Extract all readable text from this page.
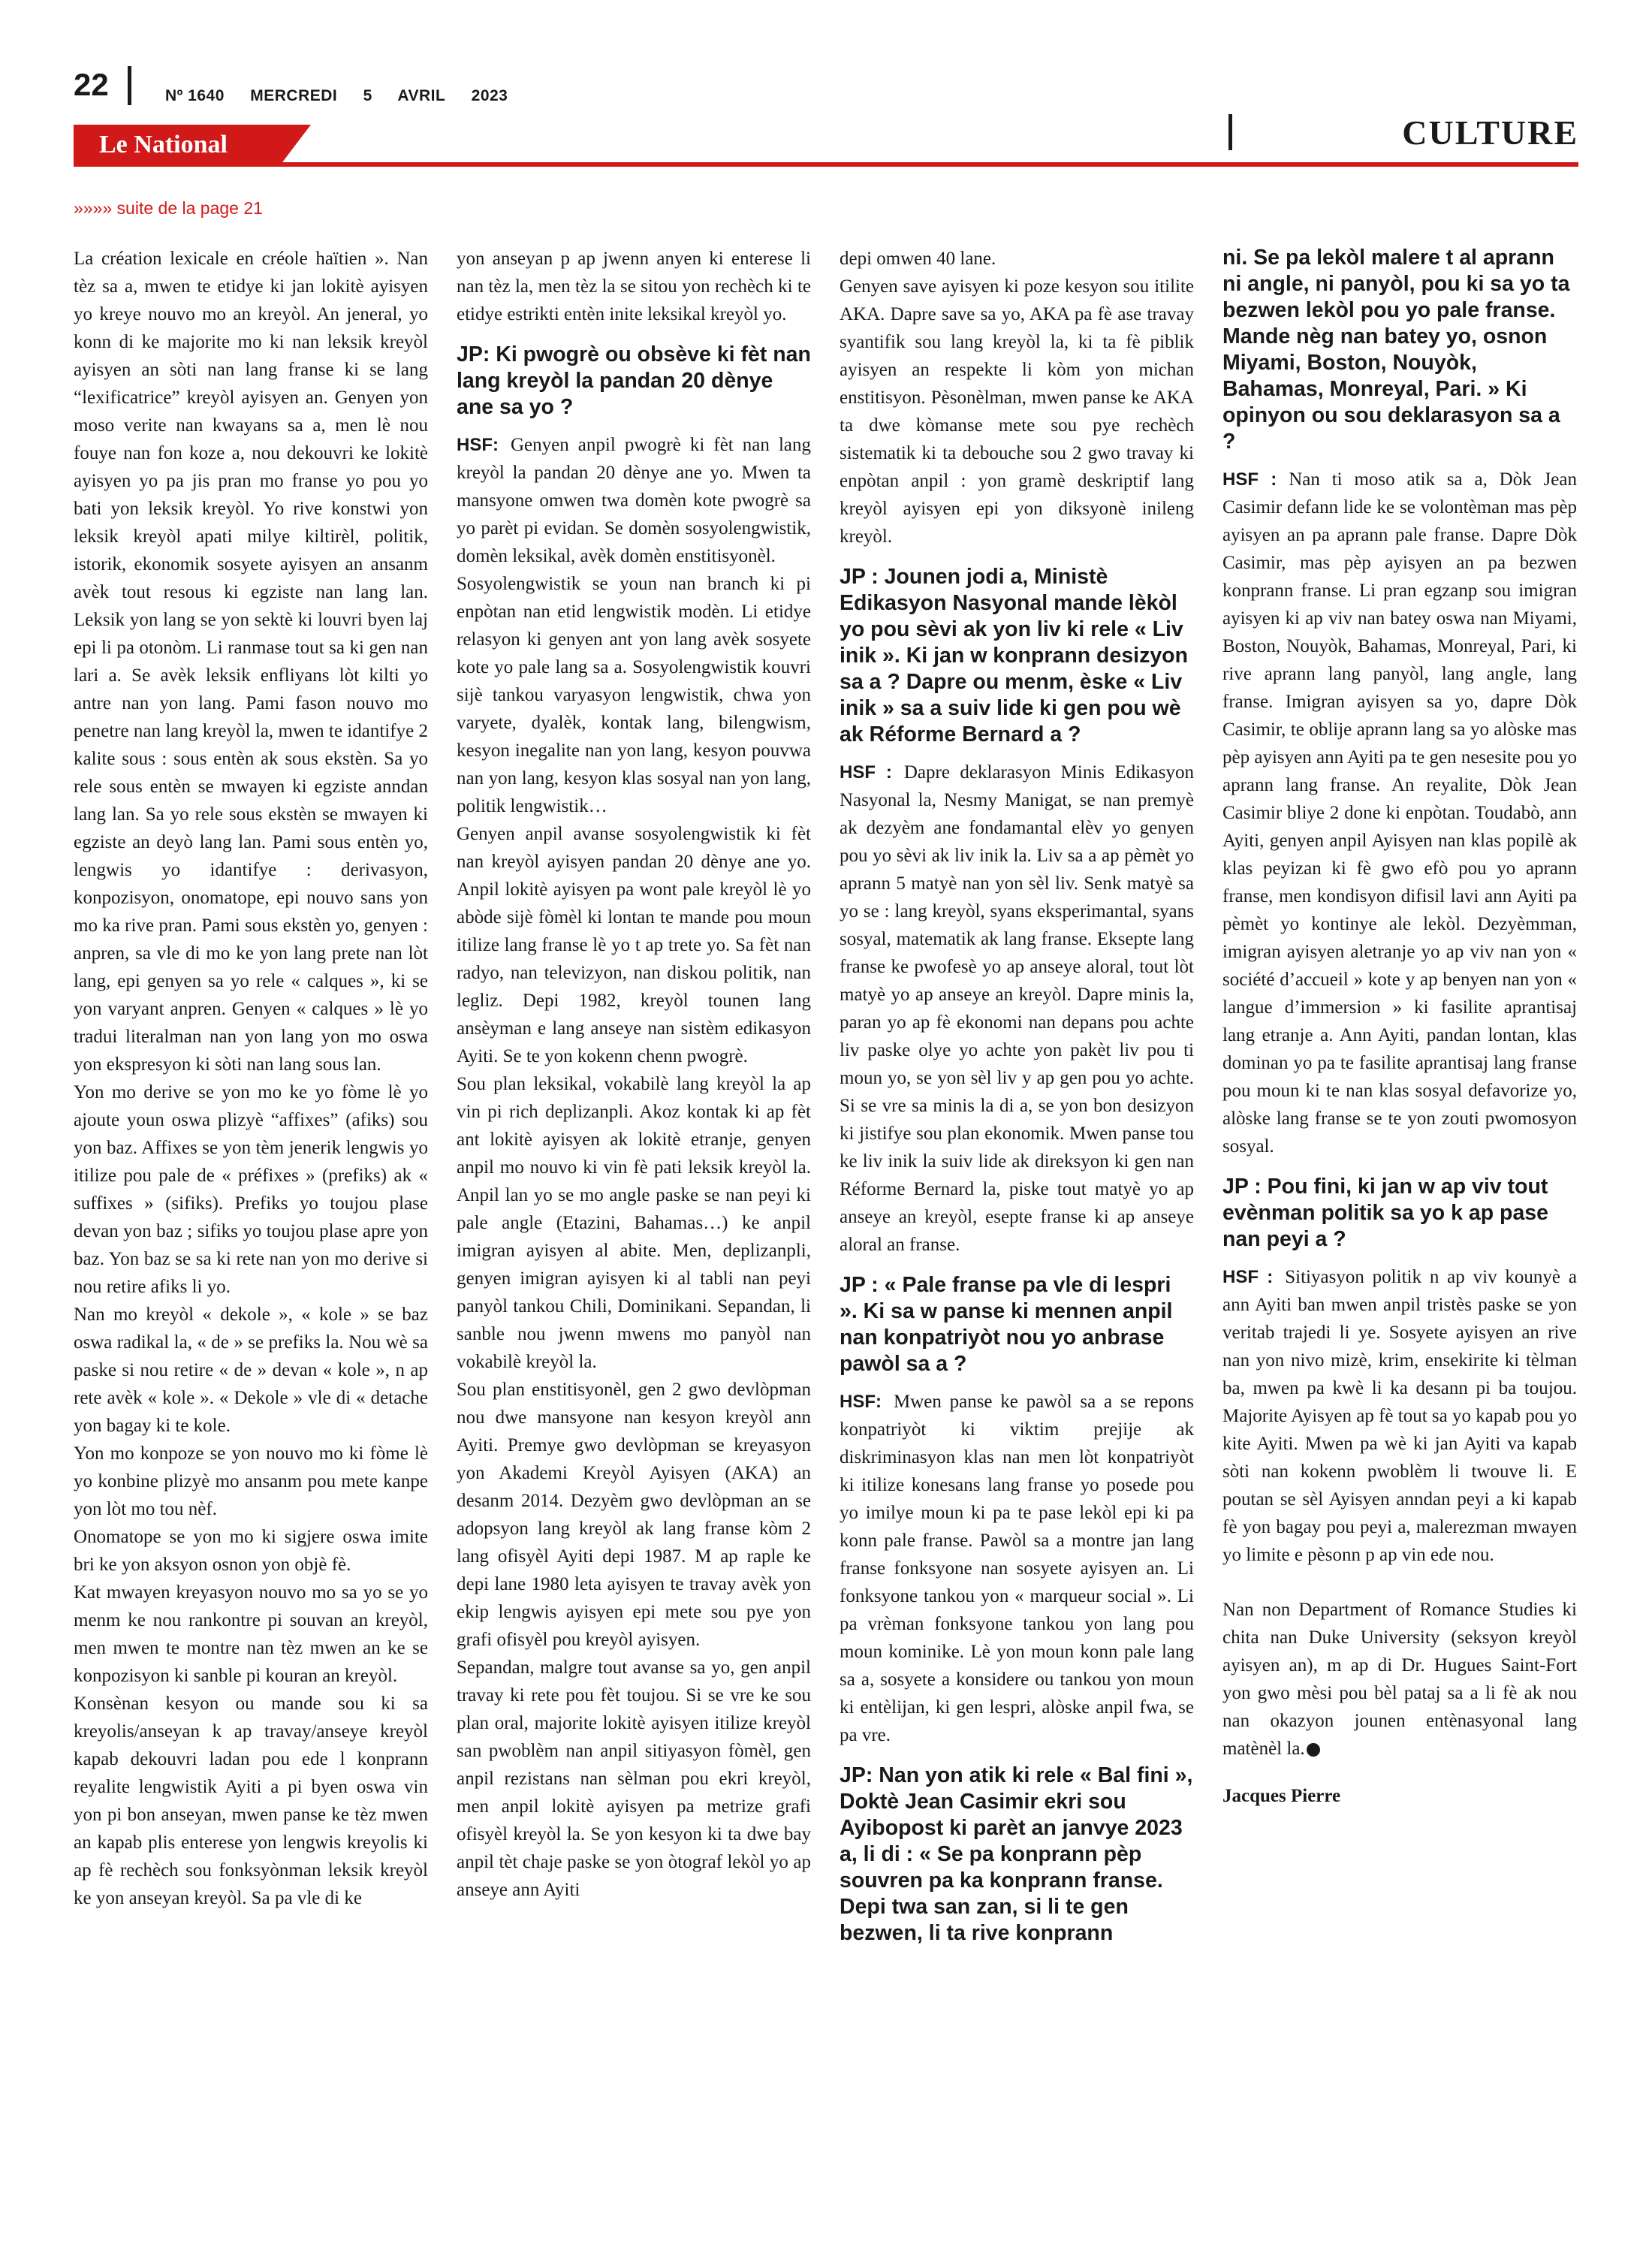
22	Nº 1640 MERCREDI 5 AVRIL 2023
Le National	CULTURE
»»»» suite de la page 21

La création lexicale en créole haïtien ». Nan tèz sa a, mwen te etidye ki jan lokitè ayisyen yo kreye nouvo mo an kreyòl. An jeneral, yo konn di ke majorite mo ki nan leksik kreyòl ayisyen an sòti nan lang franse ki se lang “lexificatrice” kreyòl ayisyen an. Genyen yon moso verite nan kwayans sa a, men lè nou fouye nan fon koze a, nou dekouvri ke lokitè ayisyen yo pa jis pran mo franse yo pou yo bati yon leksik kreyòl. Yo rive konstwi yon leksik kreyòl apati milye kiltirèl, politik, istorik, ekonomik sosyete ayisyen an ansanm avèk tout resous ki egziste nan lang lan. Leksik yon lang se yon sektè ki louvri byen laj epi li pa otonòm. Li ranmase tout sa ki gen nan lari a. Se avèk leksik enfliyans lòt kilti yo antre nan yon lang. Pami fason nouvo mo penetre nan lang kreyòl la, mwen te idantifye 2 kalite sous : sous entèn ak sous ekstèn. Sa yo rele sous entèn se mwayen ki egziste anndan lang lan. Sa yo rele sous ekstèn se mwayen ki egziste an deyò lang lan. Pami sous entèn yo, lengwis yo idantifye : derivasyon, konpozisyon, onomatope, epi nouvo sans yon mo ka rive pran. Pami sous ekstèn yo, genyen : anpren, sa vle di mo ke yon lang prete nan lòt lang, epi genyen sa yo rele « calques », ki se yon varyant anpren. Genyen « calques » lè yo tradui literalman nan yon lang yon mo oswa yon ekspresyon ki sòti nan lang sous lan.

Yon mo derive se yon mo ke yo fòme lè yo ajoute youn oswa plizyè “affixes” (afiks) sou yon baz. Affixes se yon tèm jenerik lengwis yo itilize pou pale de « préfixes » (prefiks) ak « suffixes » (sifiks). Prefiks yo toujou plase devan yon baz ; sifiks yo toujou plase apre yon baz. Yon baz se sa ki rete nan yon mo derive si nou retire afiks li yo.

Nan mo kreyòl « dekole », « kole » se baz oswa radikal la, « de » se prefiks la. Nou wè sa paske si nou retire « de » devan « kole », n ap rete avèk « kole ». « Dekole » vle di « detache yon bagay ki te kole.

Yon mo konpoze se yon nouvo mo ki fòme lè yo konbine plizyè mo ansanm pou mete kanpe yon lòt mo tou nèf.

Onomatope se yon mo ki sigjere oswa imite bri ke yon aksyon osnon yon objè fè.

Kat mwayen kreyasyon nouvo mo sa yo se yo menm ke nou rankontre pi souvan an kreyòl, men mwen te montre nan tèz mwen an ke se konpozisyon ki sanble pi kouran an kreyòl.

Konsènan kesyon ou mande sou ki sa kreyolis/anseyan k ap travay/anseye kreyòl kapab dekouvri ladan pou ede l konprann reyalite lengwistik Ayiti a pi byen oswa vin yon pi bon anseyan, mwen panse ke tèz mwen an kapab plis enterese yon lengwis kreyolis ki ap fè rechèch sou fonksyònman leksik kreyòl ke yon anseyan kreyòl. Sa pa vle di ke

yon anseyan p ap jwenn anyen ki enterese li nan tèz la, men tèz la se sitou yon rechèch ki te etidye estrikti entèn inite leksikal kreyòl yo.

JP: Ki pwogrè ou obsève ki fèt nan lang kreyòl la pandan 20 dènye ane sa yo ?

HSF: Genyen anpil pwogrè ki fèt nan lang kreyòl la pandan 20 dènye ane yo. Mwen ta mansyone omwen twa domèn kote pwogrè sa yo parèt pi evidan. Se domèn sosyolengwistik, domèn leksikal, avèk domèn enstitisyonèl.

Sosyolengwistik se youn nan branch ki pi enpòtan nan etid lengwistik modèn. Li etidye relasyon ki genyen ant yon lang avèk sosyete kote yo pale lang sa a. Sosyolengwistik kouvri sijè tankou varyasyon lengwistik, chwa yon varyete, dyalèk, kontak lang, bilengwism, kesyon inegalite nan yon lang, kesyon pouvwa nan yon lang, kesyon klas sosyal nan yon lang, politik lengwistik…

Genyen anpil avanse sosyolengwistik ki fèt nan kreyòl ayisyen pandan 20 dènye ane yo. Anpil lokitè ayisyen pa wont pale kreyòl lè yo abòde sijè fòmèl ki lontan te mande pou moun itilize lang franse lè yo t ap trete yo. Sa fèt nan radyo, nan televizyon, nan diskou politik, nan legliz. Depi 1982, kreyòl tounen lang ansèyman e lang anseye nan sistèm edikasyon Ayiti. Se te yon kokenn chenn pwogrè.

Sou plan leksikal, vokabilè lang kreyòl la ap vin pi rich deplizanpli. Akoz kontak ki ap fèt ant lokitè ayisyen ak lokitè etranje, genyen anpil mo nouvo ki vin fè pati leksik kreyòl la. Anpil lan yo se mo angle paske se nan peyi ki pale angle (Etazini, Bahamas…) ke anpil imigran ayisyen al abite. Men, deplizanpli, genyen imigran ayisyen ki al tabli nan peyi panyòl tankou Chili, Dominikani. Sepandan, li sanble nou jwenn mwens mo panyòl nan vokabilè kreyòl la.

Sou plan enstitisyonèl, gen 2 gwo devlòpman nou dwe mansyone nan kesyon kreyòl ann Ayiti. Premye gwo devlòpman se kreyasyon yon Akademi Kreyòl Ayisyen (AKA) an desanm 2014. Dezyèm gwo devlòpman an se adopsyon lang kreyòl ak lang franse kòm 2 lang ofisyèl Ayiti depi 1987. M ap raple ke depi lane 1980 leta ayisyen te travay avèk yon ekip lengwis ayisyen epi mete sou pye yon grafi ofisyèl pou kreyòl ayisyen.

Sepandan, malgre tout avanse sa yo, gen anpil travay ki rete pou fèt toujou. Si se vre ke sou plan oral, majorite lokitè ayisyen itilize kreyòl san pwoblèm nan anpil sitiyasyon fòmèl, gen anpil rezistans nan sèlman pou ekri kreyòl, men anpil lokitè ayisyen pa metrize grafi ofisyèl kreyòl la. Se yon kesyon ki ta dwe bay anpil tèt chaje paske se yon òtograf lekòl yo ap anseye ann Ayiti

depi omwen 40 lane.

Genyen save ayisyen ki poze kesyon sou itilite AKA. Dapre save sa yo, AKA pa fè ase travay syantifik sou lang kreyòl la, ki ta fè piblik ayisyen an respekte li kòm yon michan enstitisyon. Pèsonèlman, mwen panse ke AKA ta dwe kòmanse mete sou pye rechèch sistematik ki ta debouche sou 2 gwo travay ki enpòtan anpil : yon gramè deskriptif lang kreyòl ayisyen epi yon diksyonè inileng kreyòl.

JP : Jounen jodi a, Ministè Edikasyon Nasyonal mande lèkòl yo pou sèvi ak yon liv ki rele « Liv inik ». Ki jan w konprann desizyon sa a ? Dapre ou menm, èske « Liv inik » sa a suiv lide ki gen pou wè ak Réforme Bernard a ?

HSF : Dapre deklarasyon Minis Edikasyon Nasyonal la, Nesmy Manigat, se nan premyè ak dezyèm ane fondamantal elèv yo genyen pou yo sèvi ak liv inik la. Liv sa a ap pèmèt yo aprann 5 matyè nan yon sèl liv. Senk matyè sa yo se : lang kreyòl, syans eksperimantal, syans sosyal, matematik ak lang franse. Eksepte lang franse ke pwofesè yo ap anseye aloral, tout lòt matyè yo ap anseye an kreyòl. Dapre minis la, paran yo ap fè ekonomi nan depans pou achte liv paske olye yo achte yon pakèt liv pou ti moun yo, se yon sèl liv y ap gen pou yo achte. Si se vre sa minis la di a, se yon bon desizyon ki jistifye sou plan ekonomik. Mwen panse tou ke liv inik la suiv lide ak direksyon ki gen nan Réforme Bernard la, piske tout matyè yo ap anseye an kreyòl, esepte franse ki ap anseye aloral an franse.

JP : « Pale franse pa vle di lespri ». Ki sa w panse ki mennen anpil nan konpatriyòt nou yo anbrase pawòl sa a ?

HSF: Mwen panse ke pawòl sa a se repons konpatriyòt ki viktim prejije ak diskriminasyon klas nan men lòt konpatriyòt ki itilize konesans lang franse yo posede pou yo imilye moun ki pa te pase lekòl epi ki pa konn pale franse. Pawòl sa a montre jan lang franse fonksyone nan sosyete ayisyen an. Li fonksyone tankou yon « marqueur social ». Li pa vrèman fonksyone tankou yon lang pou moun kominike. Lè yon moun konn pale lang sa a, sosyete a konsidere ou tankou yon moun ki entèlijan, ki gen lespri, alòske anpil fwa, se pa vre.

JP: Nan yon atik ki rele « Bal fini », Doktè Jean Casimir ekri sou Ayibopost ki parèt an janvye 2023 a, li di : « Se pa konprann pèp souvren pa ka konprann franse. Depi twa san zan, si li te gen bezwen, li ta rive konprann
ni. Se pa lekòl malere t al aprann ni angle, ni panyòl, pou ki sa yo ta bezwen lekòl pou yo pale franse. Mande nèg nan batey yo, osnon Miyami, Boston, Nouyòk, Bahamas, Monreyal, Pari. » Ki opinyon ou sou deklarasyon sa a ?

HSF : Nan ti moso atik sa a, Dòk Jean Casimir defann lide ke se volontèman mas pèp ayisyen an pa aprann pale franse. Dapre Dòk Casimir, mas pèp ayisyen an pa bezwen konprann franse. Li pran egzanp sou imigran ayisyen ki ap viv nan batey oswa nan Miyami, Boston, Nouyòk, Bahamas, Monreyal, Pari, ki rive aprann lang panyòl, lang angle, lang franse. Imigran ayisyen sa yo, dapre Dòk Casimir, te oblije aprann lang sa yo alòske mas pèp ayisyen ann Ayiti pa te gen nesesite pou yo aprann lang franse. An reyalite, Dòk Jean Casimir bliye 2 done ki enpòtan. Toudabò, ann Ayiti, genyen anpil Ayisyen nan klas popilè ak klas peyizan ki fè gwo efò pou yo aprann franse, men kondisyon difisil lavi ann Ayiti pa pèmèt yo kontinye ale lekòl. Dezyèmman, imigran ayisyen aletranje yo ap viv nan yon « société d’accueil » kote y ap benyen nan yon « langue d’immersion » ki fasilite aprantisaj lang etranje a. Ann Ayiti, pandan lontan, klas dominan yo pa te fasilite aprantisaj lang franse pou moun ki te nan klas sosyal defavorize yo, alòske lang franse se te yon zouti pwomosyon sosyal.

JP : Pou fini, ki jan w ap viv tout evènman politik sa yo k ap pase nan peyi a ?

HSF : Sitiyasyon politik n ap viv kounyè a ann Ayiti ban mwen anpil tristès paske se yon veritab trajedi li ye. Sosyete ayisyen an rive nan yon nivo mizè, krim, ensekirite ki tèlman ba, mwen pa kwè li ka desann pi ba toujou. Majorite Ayisyen ap fè tout sa yo kapab pou yo kite Ayiti. Mwen pa wè ki jan Ayiti va kapab sòti nan kokenn pwoblèm li twouve li. E poutan se sèl Ayisyen anndan peyi a ki kapab fè yon bagay pou peyi a, malerezman mwayen yo limite e pèsonn p ap vin ede nou.

Nan non Department of Romance Studies ki chita nan Duke University (seksyon kreyòl ayisyen an), m ap di Dr. Hugues Saint-Fort yon gwo mèsi pou bèl pataj sa a li fè ak nou nan okazyon jounen entènasyonal lang matènèl la.

Jacques Pierre
